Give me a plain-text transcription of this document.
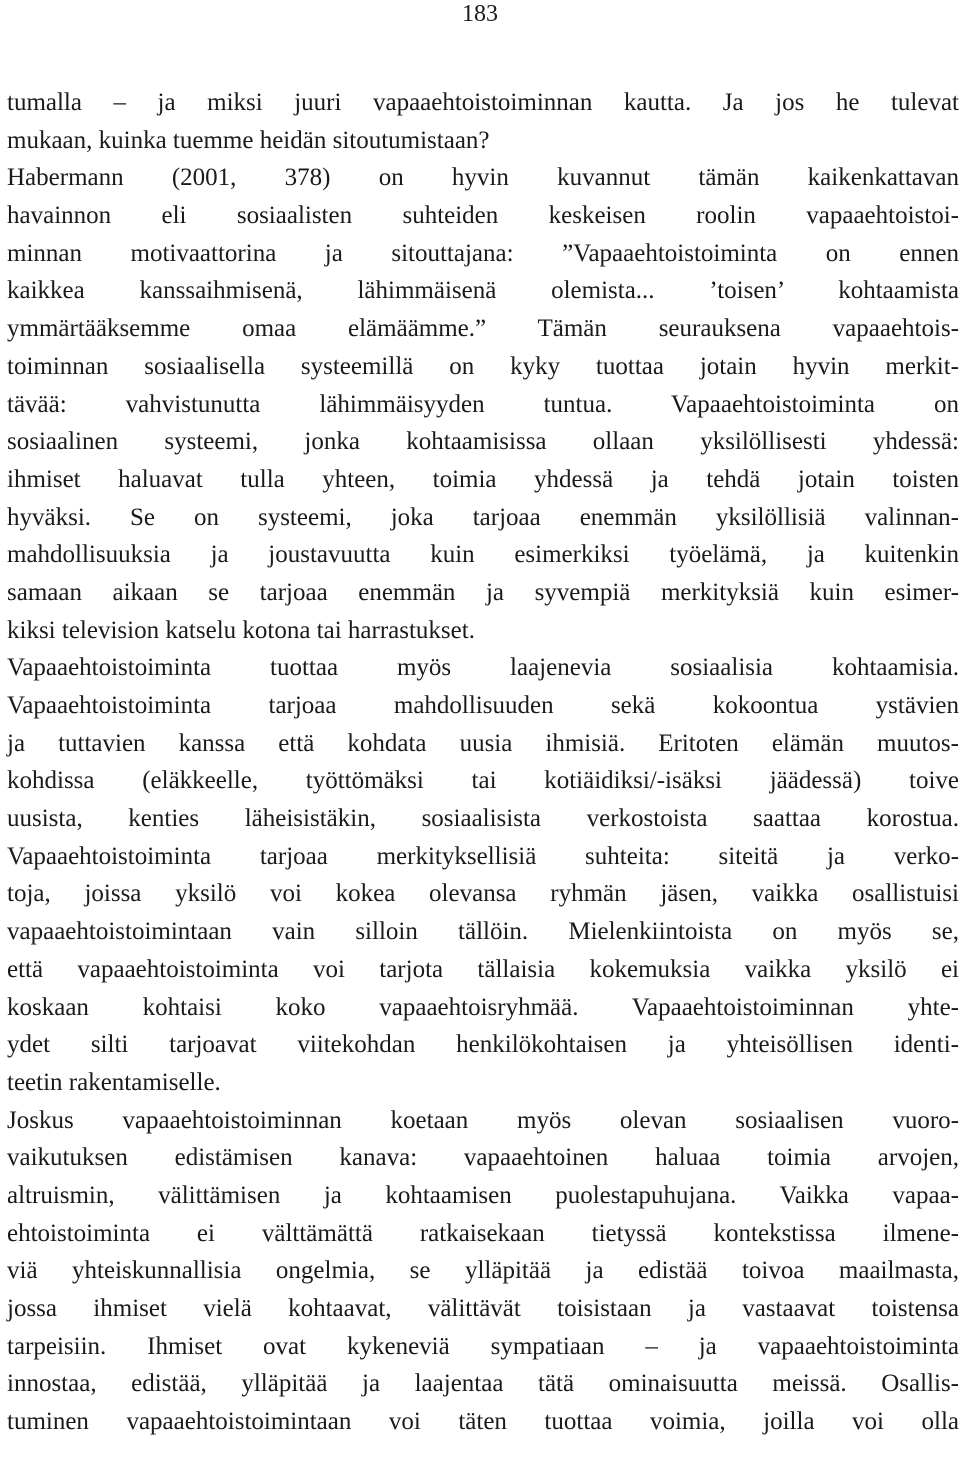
183
tumalla – ja miksi juuri vapaaehtoistoiminnan kautta. Ja jos he tulevat
mukaan, kuinka tuemme heidän sitoutumistaan?
Habermann (2001, 378) on hyvin kuvannut tämän kaikenkattavan
havainnon eli sosiaalisten suhteiden keskeisen roolin vapaaehtoistoi-
minnan motivaattorina ja sitouttajana: ”Vapaaehtoistoiminta on ennen
kaikkea kanssaihmisenä, lähimmäisenä olemista... ’toisen’ kohtaamista
ymmärtääksemme omaa elämäämme.” Tämän seurauksena vapaaehtois-
toiminnan sosiaalisella systeemillä on kyky tuottaa jotain hyvin merkit-
tävää: vahvistunutta lähimmäisyyden tuntua. Vapaaehtoistoiminta on
sosiaalinen systeemi, jonka kohtaamisissa ollaan yksilöllisesti yhdessä:
ihmiset haluavat tulla yhteen, toimia yhdessä ja tehdä jotain toisten
hyväksi. Se on systeemi, joka tarjoaa enemmän yksilöllisiä valinnan-
mahdollisuuksia ja joustavuutta kuin esimerkiksi työelämä, ja kuitenkin
samaan aikaan se tarjoaa enemmän ja syvempiä merkityksiä kuin esimer-
kiksi television katselu kotona tai harrastukset.
Vapaaehtoistoiminta tuottaa myös laajenevia sosiaalisia kohtaamisia.
Vapaaehtoistoiminta tarjoaa mahdollisuuden sekä kokoontua ystävien
ja tuttavien kanssa että kohdata uusia ihmisiä. Eritoten elämän muutos-
kohdissa (eläkkeelle, työttömäksi tai kotiäidiksi/-isäksi jäädessä) toive
uusista, kenties läheisistäkin, sosiaalisista verkostoista saattaa korostua.
Vapaaehtoistoiminta tarjoaa merkityksellisiä suhteita: siteitä ja verko-
toja, joissa yksilö voi kokea olevansa ryhmän jäsen, vaikka osallistuisi
vapaaehtoistoimintaan vain silloin tällöin. Mielenkiintoista on myös se,
että vapaaehtoistoiminta voi tarjota tällaisia kokemuksia vaikka yksilö ei
koskaan kohtaisi koko vapaaehtoisryhmää. Vapaaehtoistoiminnan yhte-
ydet silti tarjoavat viitekohdan henkilökohtaisen ja yhteisöllisen identi-
teetin rakentamiselle.
Joskus vapaaehtoistoiminnan koetaan myös olevan sosiaalisen vuoro-
vaikutuksen edistämisen kanava: vapaaehtoinen haluaa toimia arvojen,
altruismin, välittämisen ja kohtaamisen puolestapuhujana. Vaikka vapaa-
ehtoistoiminta ei välttämättä ratkaisekaan tietyssä kontekstissa ilmene-
viä yhteiskunnallisia ongelmia, se ylläpitää ja edistää toivoa maailmasta,
jossa ihmiset vielä kohtaavat, välittävät toisistaan ja vastaavat toistensa
tarpeisiin. Ihmiset ovat kykeneviä sympatiaan – ja vapaaehtoistoiminta
innostaa, edistää, ylläpitää ja laajentaa tätä ominaisuutta meissä. Osallis-
tuminen vapaaehtoistoimintaan voi täten tuottaa voimia, joilla voi olla
